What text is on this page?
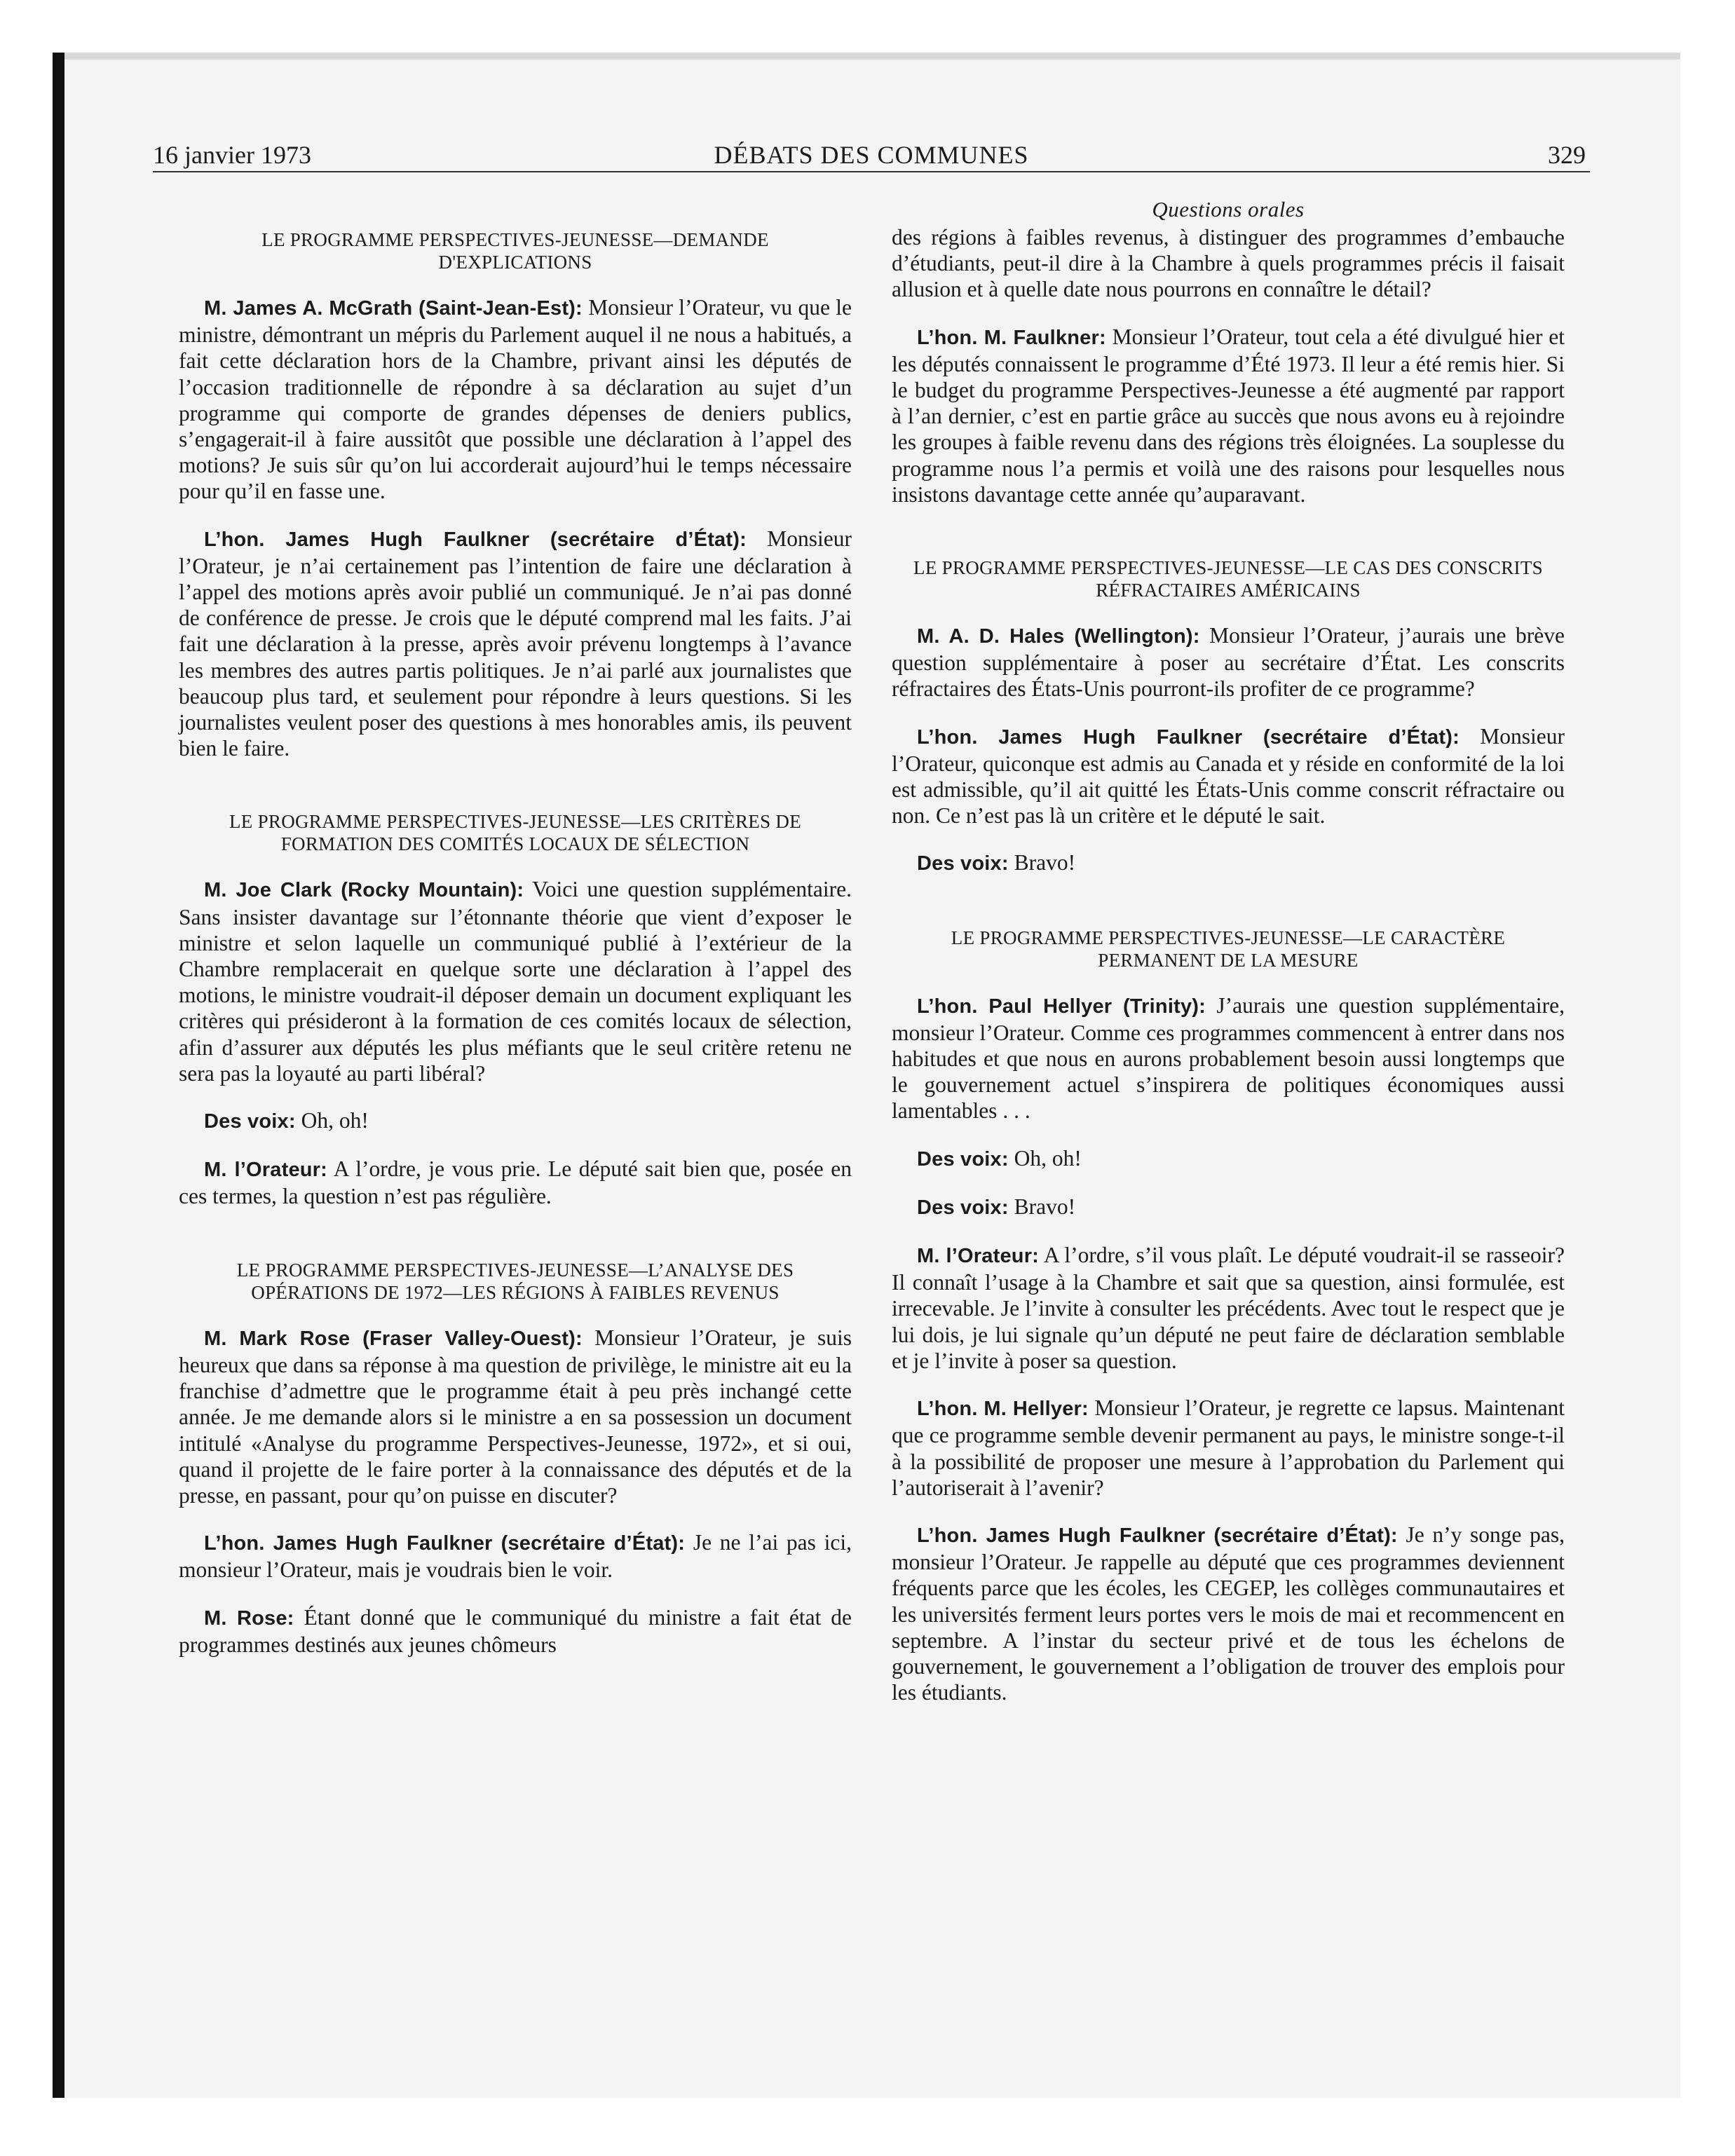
16 janvier 1973	DÉBATS DES COMMUNES	329
LE PROGRAMME PERSPECTIVES-JEUNESSE—DEMANDE D'EXPLICATIONS

M. James A. McGrath (Saint-Jean-Est): Monsieur l’Orateur, vu que le ministre, démontrant un mépris du Parlement auquel il ne nous a habitués, a fait cette déclaration hors de la Chambre, privant ainsi les députés de l’occasion traditionnelle de répondre à sa déclaration au sujet d’un programme qui comporte de grandes dépenses de deniers publics, s’engagerait-il à faire aussitôt que possible une déclaration à l’appel des motions? Je suis sûr qu’on lui accorderait aujourd’hui le temps nécessaire pour qu’il en fasse une.

L’hon. James Hugh Faulkner (secrétaire d’État): Monsieur l’Orateur, je n’ai certainement pas l’intention de faire une déclaration à l’appel des motions après avoir publié un communiqué. Je n’ai pas donné de conférence de presse. Je crois que le député comprend mal les faits. J’ai fait une déclaration à la presse, après avoir prévenu longtemps à l’avance les membres des autres partis politiques. Je n’ai parlé aux journalistes que beaucoup plus tard, et seulement pour répondre à leurs questions. Si les journalistes veulent poser des questions à mes honorables amis, ils peuvent bien le faire.

LE PROGRAMME PERSPECTIVES-JEUNESSE—LES CRITÈRES DE FORMATION DES COMITÉS LOCAUX DE SÉLECTION

M. Joe Clark (Rocky Mountain): Voici une question supplémentaire. Sans insister davantage sur l’étonnante théorie que vient d’exposer le ministre et selon laquelle un communiqué publié à l’extérieur de la Chambre remplacerait en quelque sorte une déclaration à l’appel des motions, le ministre voudrait-il déposer demain un document expliquant les critères qui présideront à la formation de ces comités locaux de sélection, afin d’assurer aux députés les plus méfiants que le seul critère retenu ne sera pas la loyauté au parti libéral?

Des voix: Oh, oh!

M. l’Orateur: A l’ordre, je vous prie. Le député sait bien que, posée en ces termes, la question n’est pas régulière.

LE PROGRAMME PERSPECTIVES-JEUNESSE—L’ANALYSE DES OPÉRATIONS DE 1972—LES RÉGIONS À FAIBLES REVENUS

M. Mark Rose (Fraser Valley-Ouest): Monsieur l’Orateur, je suis heureux que dans sa réponse à ma question de privilège, le ministre ait eu la franchise d’admettre que le programme était à peu près inchangé cette année. Je me demande alors si le ministre a en sa possession un document intitulé «Analyse du programme Perspectives-Jeunesse, 1972», et si oui, quand il projette de le faire porter à la connaissance des députés et de la presse, en passant, pour qu’on puisse en discuter?

L’hon. James Hugh Faulkner (secrétaire d’État): Je ne l’ai pas ici, monsieur l’Orateur, mais je voudrais bien le voir.

M. Rose: Étant donné que le communiqué du ministre a fait état de programmes destinés aux jeunes chômeurs

Questions orales

des régions à faibles revenus, à distinguer des programmes d’embauche d’étudiants, peut-il dire à la Chambre à quels programmes précis il faisait allusion et à quelle date nous pourrons en connaître le détail?

L’hon. M. Faulkner: Monsieur l’Orateur, tout cela a été divulgué hier et les députés connaissent le programme d’Été 1973. Il leur a été remis hier. Si le budget du programme Perspectives-Jeunesse a été augmenté par rapport à l’an dernier, c’est en partie grâce au succès que nous avons eu à rejoindre les groupes à faible revenu dans des régions très éloignées. La souplesse du programme nous l’a permis et voilà une des raisons pour lesquelles nous insistons davantage cette année qu’auparavant.

LE PROGRAMME PERSPECTIVES-JEUNESSE—LE CAS DES CONSCRITS RÉFRACTAIRES AMÉRICAINS

M. A. D. Hales (Wellington): Monsieur l’Orateur, j’aurais une brève question supplémentaire à poser au secrétaire d’État. Les conscrits réfractaires des États-Unis pourront-ils profiter de ce programme?

L’hon. James Hugh Faulkner (secrétaire d’État): Monsieur l’Orateur, quiconque est admis au Canada et y réside en conformité de la loi est admissible, qu’il ait quitté les États-Unis comme conscrit réfractaire ou non. Ce n’est pas là un critère et le député le sait.

Des voix: Bravo!

LE PROGRAMME PERSPECTIVES-JEUNESSE—LE CARACTÈRE PERMANENT DE LA MESURE

L’hon. Paul Hellyer (Trinity): J’aurais une question supplémentaire, monsieur l’Orateur. Comme ces programmes commencent à entrer dans nos habitudes et que nous en aurons probablement besoin aussi longtemps que le gouvernement actuel s’inspirera de politiques économiques aussi lamentables . . .

Des voix: Oh, oh!

Des voix: Bravo!

M. l’Orateur: A l’ordre, s’il vous plaît. Le député voudrait-il se rasseoir? Il connaît l’usage à la Chambre et sait que sa question, ainsi formulée, est irrecevable. Je l’invite à consulter les précédents. Avec tout le respect que je lui dois, je lui signale qu’un député ne peut faire de déclaration semblable et je l’invite à poser sa question.

L’hon. M. Hellyer: Monsieur l’Orateur, je regrette ce lapsus. Maintenant que ce programme semble devenir permanent au pays, le ministre songe-t-il à la possibilité de proposer une mesure à l’approbation du Parlement qui l’autoriserait à l’avenir?

L’hon. James Hugh Faulkner (secrétaire d’État): Je n’y songe pas, monsieur l’Orateur. Je rappelle au député que ces programmes deviennent fréquents parce que les écoles, les CEGEP, les collèges communautaires et les universités ferment leurs portes vers le mois de mai et recommencent en septembre. A l’instar du secteur privé et de tous les échelons de gouvernement, le gouvernement a l’obligation de trouver des emplois pour les étudiants.
